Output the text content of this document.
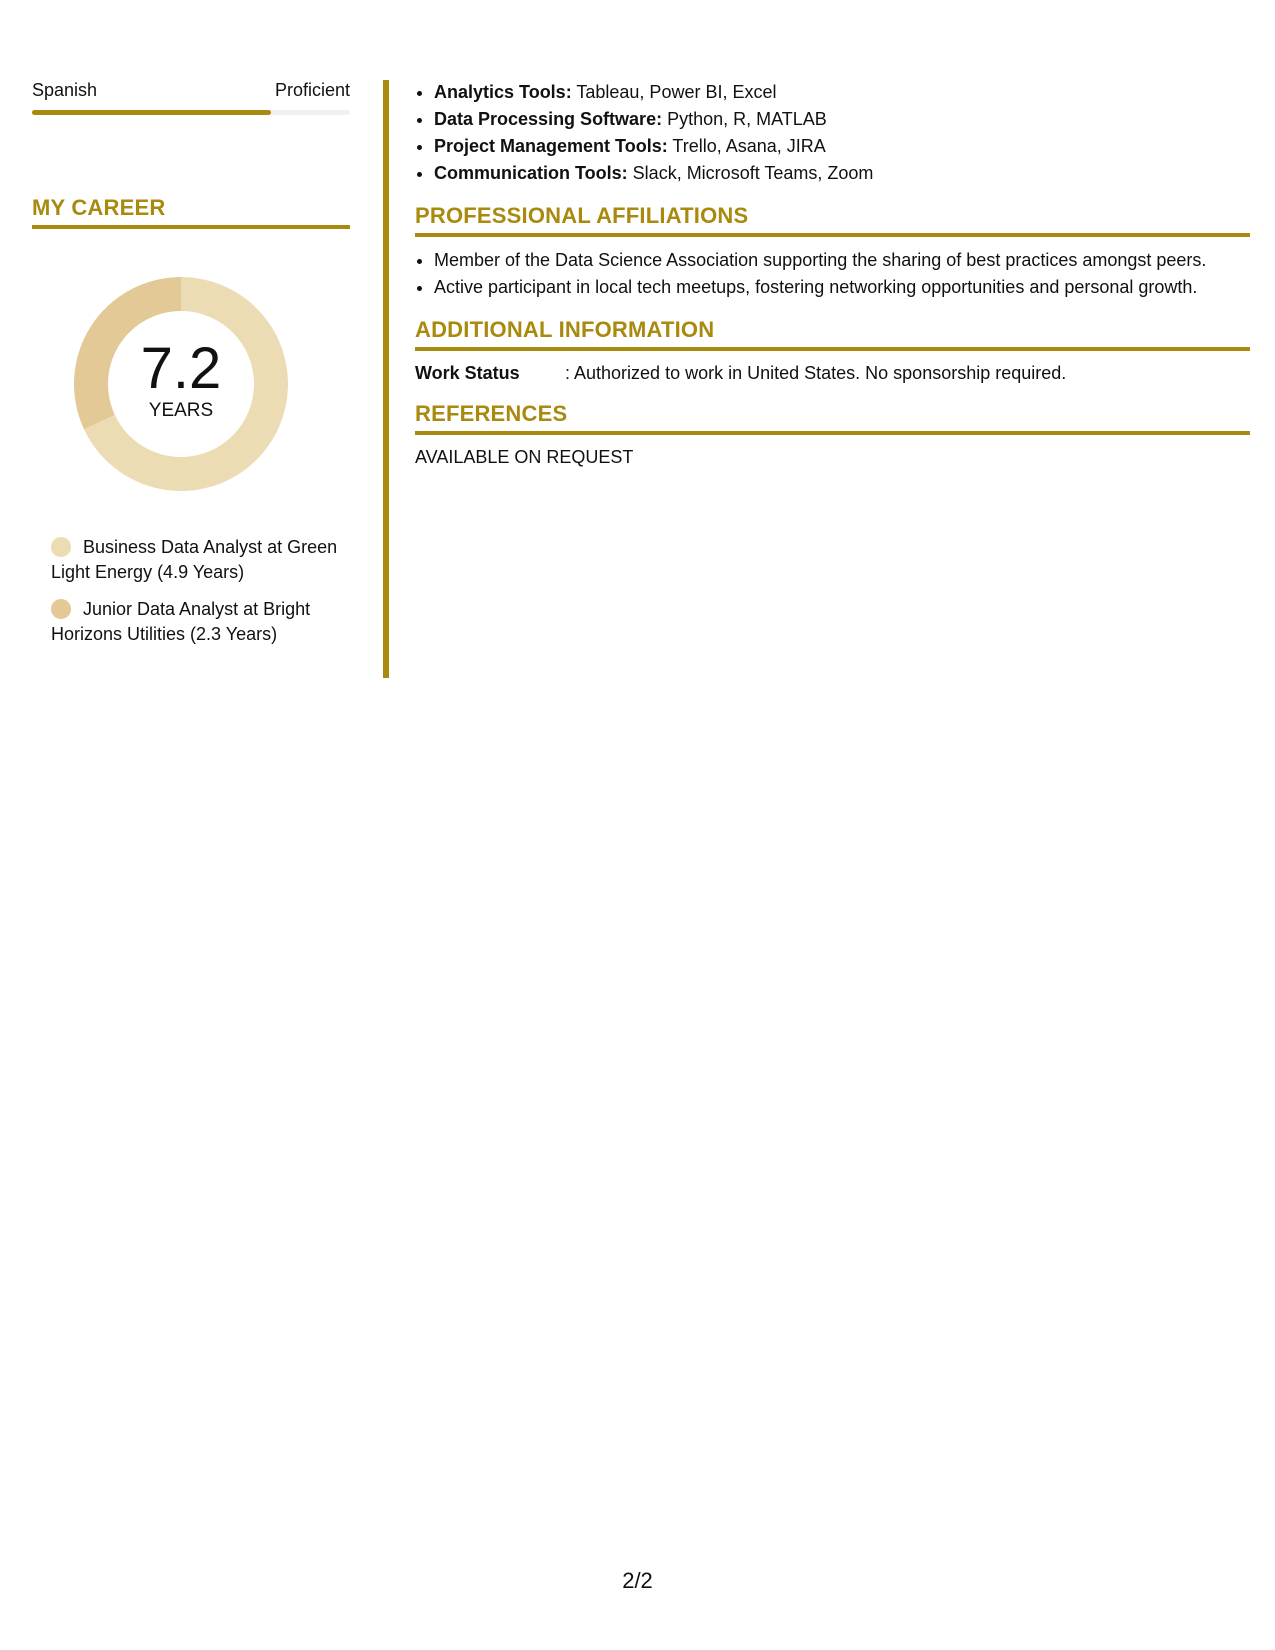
Spanish	Proficient
MY CAREER
7.2
YEARS
Business Data Analyst at Green Light Energy (4.9 Years)
Junior Data Analyst at Bright Horizons Utilities (2.3 Years)
• Analytics Tools: Tableau, Power BI, Excel
• Data Processing Software: Python, R, MATLAB
• Project Management Tools: Trello, Asana, JIRA
• Communication Tools: Slack, Microsoft Teams, Zoom
PROFESSIONAL AFFILIATIONS
• Member of the Data Science Association supporting the sharing of best practices amongst peers.
• Active participant in local tech meetups, fostering networking opportunities and personal growth.
ADDITIONAL INFORMATION
Work Status	: Authorized to work in United States. No sponsorship required.
REFERENCES
AVAILABLE ON REQUEST
2/2
